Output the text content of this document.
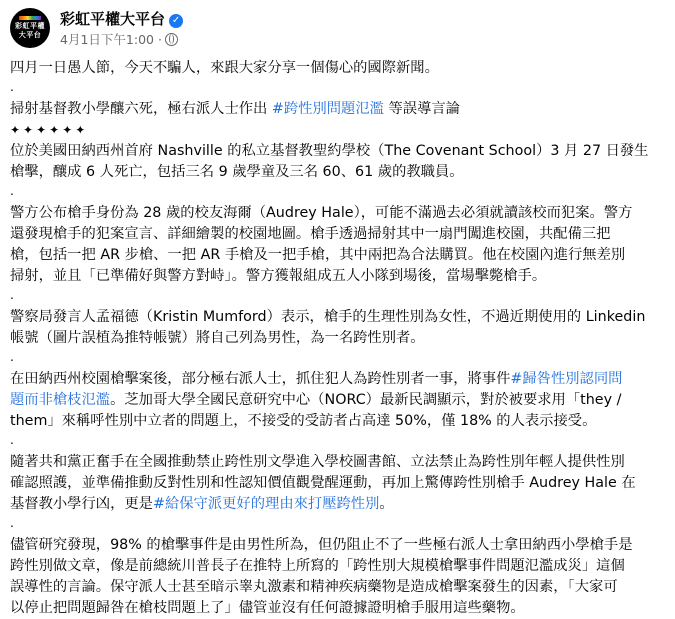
彩虹平權
大平台
彩虹平權大平台 ✓
4月1日下午1:00 ·

四月一日愚人節，今天不騙人，來跟大家分享一個傷心的國際新聞。

.

掃射基督教小學釀六死，極右派人士作出 #跨性別問題氾濫 等誤導言論

✦✦✦✦✦✦

位於美國田納西州首府 Nashville 的私立基督教聖約學校（The Covenant School）3 月 27 日發生

槍擊，釀成 6 人死亡，包括三名 9 歲學童及三名 60、61 歲的教職員。

.

警方公布槍手身份為 28 歲的校友海爾（Audrey Hale），可能不滿過去必須就讀該校而犯案。警方

還發現槍手的犯案宣言、詳細繪製的校園地圖。槍手透過掃射其中一扇門闖進校園，共配備三把

槍，包括一把 AR 步槍、一把 AR 手槍及一把手槍，其中兩把為合法購買。他在校園內進行無差別

掃射，並且「已準備好與警方對峙」。警方獲報組成五人小隊到場後，當場擊斃槍手。

.

警察局發言人孟福德（Kristin Mumford）表示，槍手的生理性別為女性，不過近期使用的 Linkedin

帳號（圖片誤植為推特帳號）將自己列為男性，為一名跨性別者。

.

在田納西州校園槍擊案後，部分極右派人士，抓住犯人為跨性別者一事，將事件#歸咎性別認同問

題而非槍枝氾濫。芝加哥大學全國民意研究中心（NORC）最新民調顯示，對於被要求用「they /

them」來稱呼性別中立者的問題上，不接受的受訪者占高達 50%，僅 18% 的人表示接受。

.

隨著共和黨正奮手在全國推動禁止跨性別文學進入學校圖書館、立法禁止為跨性別年輕人提供性別

確認照護，並準備推動反對性別和性認知價值觀覺醒運動，再加上驚傳跨性別槍手 Audrey Hale 在

基督教小學行凶，更是#給保守派更好的理由來打壓跨性別。

.

儘管研究發現，98% 的槍擊事件是由男性所為，但仍阻止不了一些極右派人士拿田納西小學槍手是

跨性別做文章，像是前總統川普長子在推特上所寫的「跨性別大規模槍擊事件問題氾濫成災」這個

誤導性的言論。保守派人士甚至暗示睾丸激素和精神疾病藥物是造成槍擊案發生的因素，「大家可

以停止把問題歸咎在槍枝問題上了」儘管並沒有任何證據證明槍手服用這些藥物。
